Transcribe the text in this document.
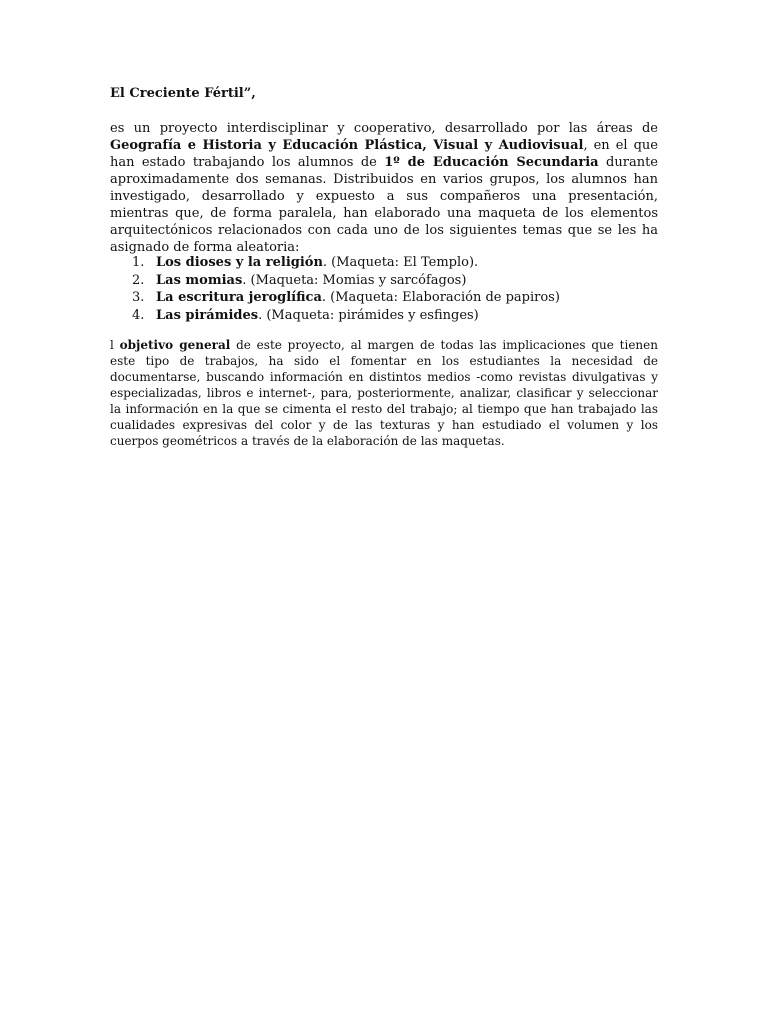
El Creciente Fértil”,

es un proyecto interdisciplinar y cooperativo, desarrollado por las áreas de Geografía e Historia y Educación Plástica, Visual y Audiovisual, en el que han estado trabajando los alumnos de 1º de Educación Secundaria durante aproximadamente dos semanas. Distribuidos en varios grupos, los alumnos han investigado, desarrollado y expuesto a sus compañeros una presentación, mientras que, de forma paralela, han elaborado una maqueta de los elementos arquitectónicos relacionados con cada uno de los siguientes temas que se les ha asignado de forma aleatoria:

1. Los dioses y la religión. (Maqueta: El Templo).
2. Las momias. (Maqueta: Momias y sarcófagos)
3. La escritura jeroglífica. (Maqueta: Elaboración de papiros)
4. Las pirámides. (Maqueta: pirámides y esfinges)

l objetivo general de este proyecto, al margen de todas las implicaciones que tienen este tipo de trabajos, ha sido el fomentar en los estudiantes la necesidad de documentarse, buscando información en distintos medios -como revistas divulgativas y especializadas, libros e internet-, para, posteriormente, analizar, clasificar y seleccionar la información en la que se cimenta el resto del trabajo; al tiempo que han trabajado las cualidades expresivas del color y de las texturas y han estudiado el volumen y los cuerpos geométricos a través de la elaboración de las maquetas.
